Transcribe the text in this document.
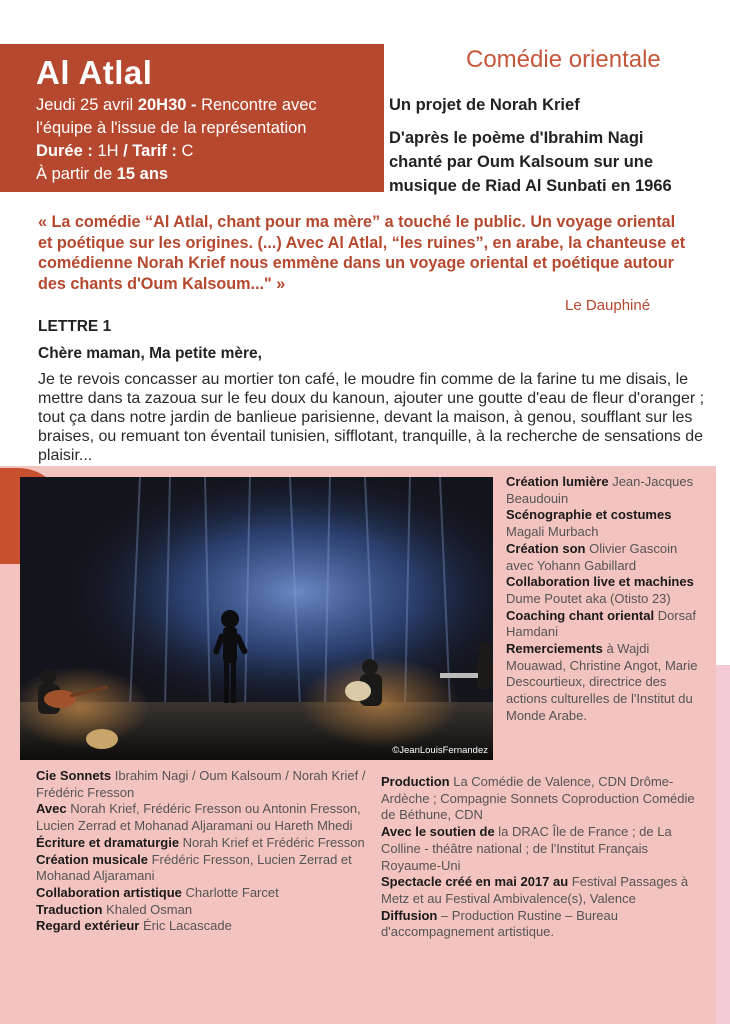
Al Atlal
Jeudi 25 avril 20H30 - Rencontre avec
l'équipe à l'issue de la représentation
Durée : 1H / Tarif : C
À partir de 15 ans
Comédie orientale
Un projet de Norah Krief
D'après le poème d'Ibrahim Nagi
chanté par Oum Kalsoum sur une
musique de Riad Al Sunbati en 1966
« La comédie “Al Atlal, chant pour ma mère” a touché le public. Un voyage oriental et poétique sur les origines. (...) Avec Al Atlal, “les ruines”, en arabe, la chanteuse et comédienne Norah Krief nous emmène dans un voyage oriental et poétique autour des chants d'Oum Kalsoum..." »
Le Dauphiné
LETTRE 1
Chère maman, Ma petite mère,
Je te revois concasser au mortier ton café, le moudre fin comme de la farine tu me disais, le mettre dans ta zazoua sur le feu doux du kanoun, ajouter une goutte d'eau de fleur d'oranger ; tout ça dans notre jardin de banlieue parisienne, devant la maison, à genou, soufflant sur les braises, ou remuant ton éventail tunisien, sifflotant, tranquille, à la recherche de sensations de plaisir...
©JeanLouisFernandez
Création lumière Jean-Jacques Beaudouin
Scénographie et costumes Magali Murbach
Création son Olivier Gascoin avec Yohann Gabillard
Collaboration live et machines Dume Poutet aka (Otisto 23)
Coaching chant oriental Dorsaf Hamdani
Remerciements à Wajdi Mouawad, Christine Angot, Marie Descourtieux, directrice des actions culturelles de l'Institut du Monde Arabe.
Cie Sonnets Ibrahim Nagi / Oum Kalsoum / Norah Krief / Frédéric Fresson
Avec Norah Krief, Frédéric Fresson ou Antonin Fresson, Lucien Zerrad et Mohanad Aljaramani ou Hareth Mhedi
Écriture et dramaturgie Norah Krief et Frédéric Fresson
Création musicale Frédéric Fresson, Lucien Zerrad et Mohanad Aljaramani
Collaboration artistique Charlotte Farcet
Traduction Khaled Osman
Regard extérieur Éric Lacascade
Production La Comédie de Valence, CDN Drôme-Ardèche ; Compagnie Sonnets Coproduction Comédie de Béthune, CDN
Avec le soutien de la DRAC Île de France ; de La Colline - théâtre national ; de l'Institut Français Royaume-Uni
Spectacle créé en mai 2017 au Festival Passages à Metz et au Festival Ambivalence(s), Valence
Diffusion – Production Rustine – Bureau d'accompagnement artistique.
